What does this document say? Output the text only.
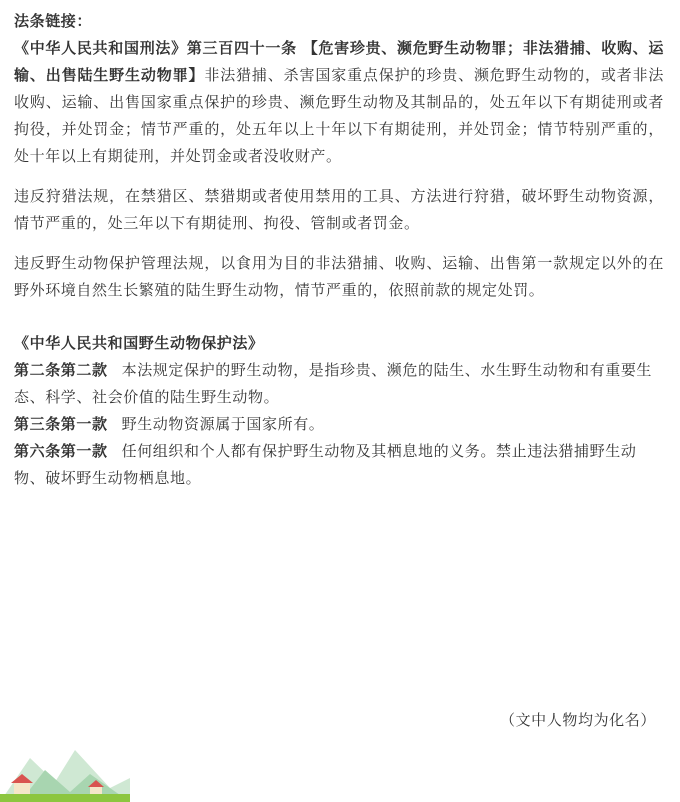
法条链接：

《中华人民共和国刑法》第三百四十一条 【危害珍贵、濒危野生动物罪；非法猎捕、收购、运输、出售陆生野生动物罪】非法猎捕、杀害国家重点保护的珍贵、濒危野生动物的，或者非法收购、运输、出售国家重点保护的珍贵、濒危野生动物及其制品的，处五年以下有期徒刑或者拘役，并处罚金；情节严重的，处五年以上十年以下有期徒刑，并处罚金；情节特别严重的，处十年以上有期徒刑，并处罚金或者没收财产。

违反狩猎法规，在禁猎区、禁猎期或者使用禁用的工具、方法进行狩猎，破坏野生动物资源，情节严重的，处三年以下有期徒刑、拘役、管制或者罚金。

违反野生动物保护管理法规，以食用为目的非法猎捕、收购、运输、出售第一款规定以外的在野外环境自然生长繁殖的陆生野生动物，情节严重的，依照前款的规定处罚。

《中华人民共和国野生动物保护法》

第二条第二款 本法规定保护的野生动物，是指珍贵、濒危的陆生、水生野生动物和有重要生态、科学、社会价值的陆生野生动物。

第三条第一款 野生动物资源属于国家所有。

第六条第一款 任何组织和个人都有保护野生动物及其栖息地的义务。禁止违法猎捕野生动物、破坏野生动物栖息地。

（文中人物均为化名）
